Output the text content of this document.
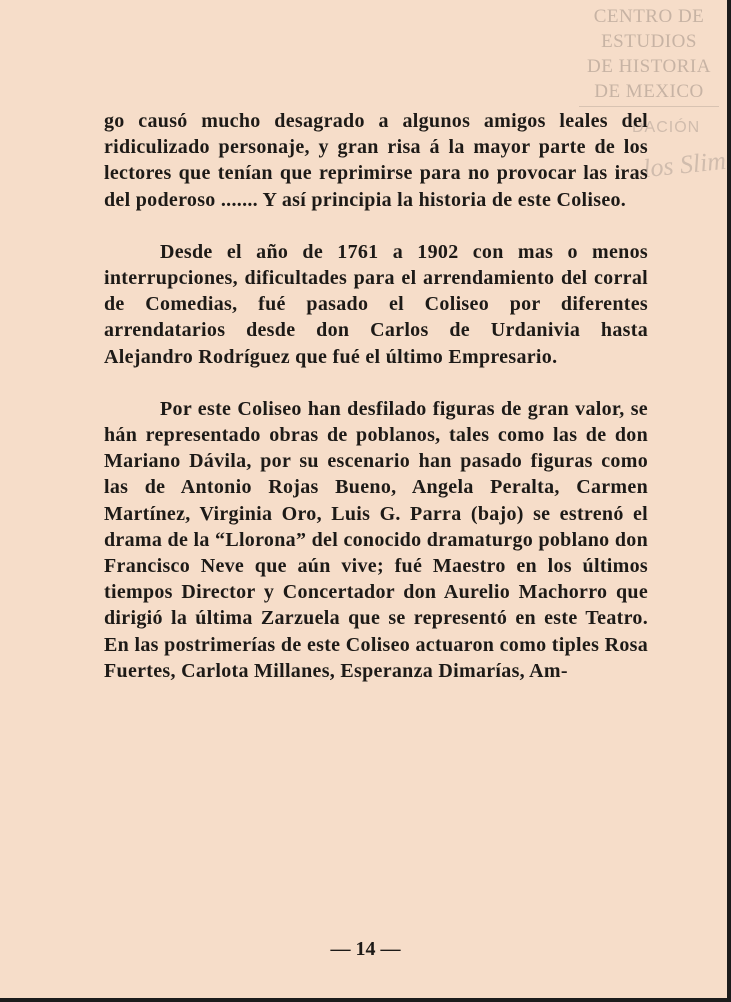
CENTRO DE
ESTUDIOS
DE HISTORIA
DE MEXICO
DACIÓN
los Slim

go causó mucho desagrado a algunos amigos leales del ridiculizado personaje, y gran risa á la mayor parte de los lectores que tenían que reprimirse para no provocar las iras del poderoso ....... Y así principia la historia de este Coliseo.

Desde el año de 1761 a 1902 con mas o menos interrupciones, dificultades para el arrendamiento del corral de Comedias, fué pasado el Coliseo por diferentes arrendatarios desde don Carlos de Urdanivia hasta Alejandro Rodríguez que fué el último Empresario.

Por este Coliseo han desfilado figuras de gran valor, se hán representado obras de poblanos, tales como las de don Mariano Dávila, por su escenario han pasado figuras como las de Antonio Rojas Bueno, Angela Peralta, Carmen Martínez, Virginia Oro, Luis G. Parra (bajo) se estrenó el drama de la “Llorona” del conocido dramaturgo poblano don Francisco Neve que aún vive; fué Maestro en los últimos tiempos Director y Concertador don Aurelio Machorro que dirigió la última Zarzuela que se representó en este Teatro. En las postrimerías de este Coliseo actuaron como tiples Rosa Fuertes, Carlota Millanes, Esperanza Dimarías, Am-

— 14 —
